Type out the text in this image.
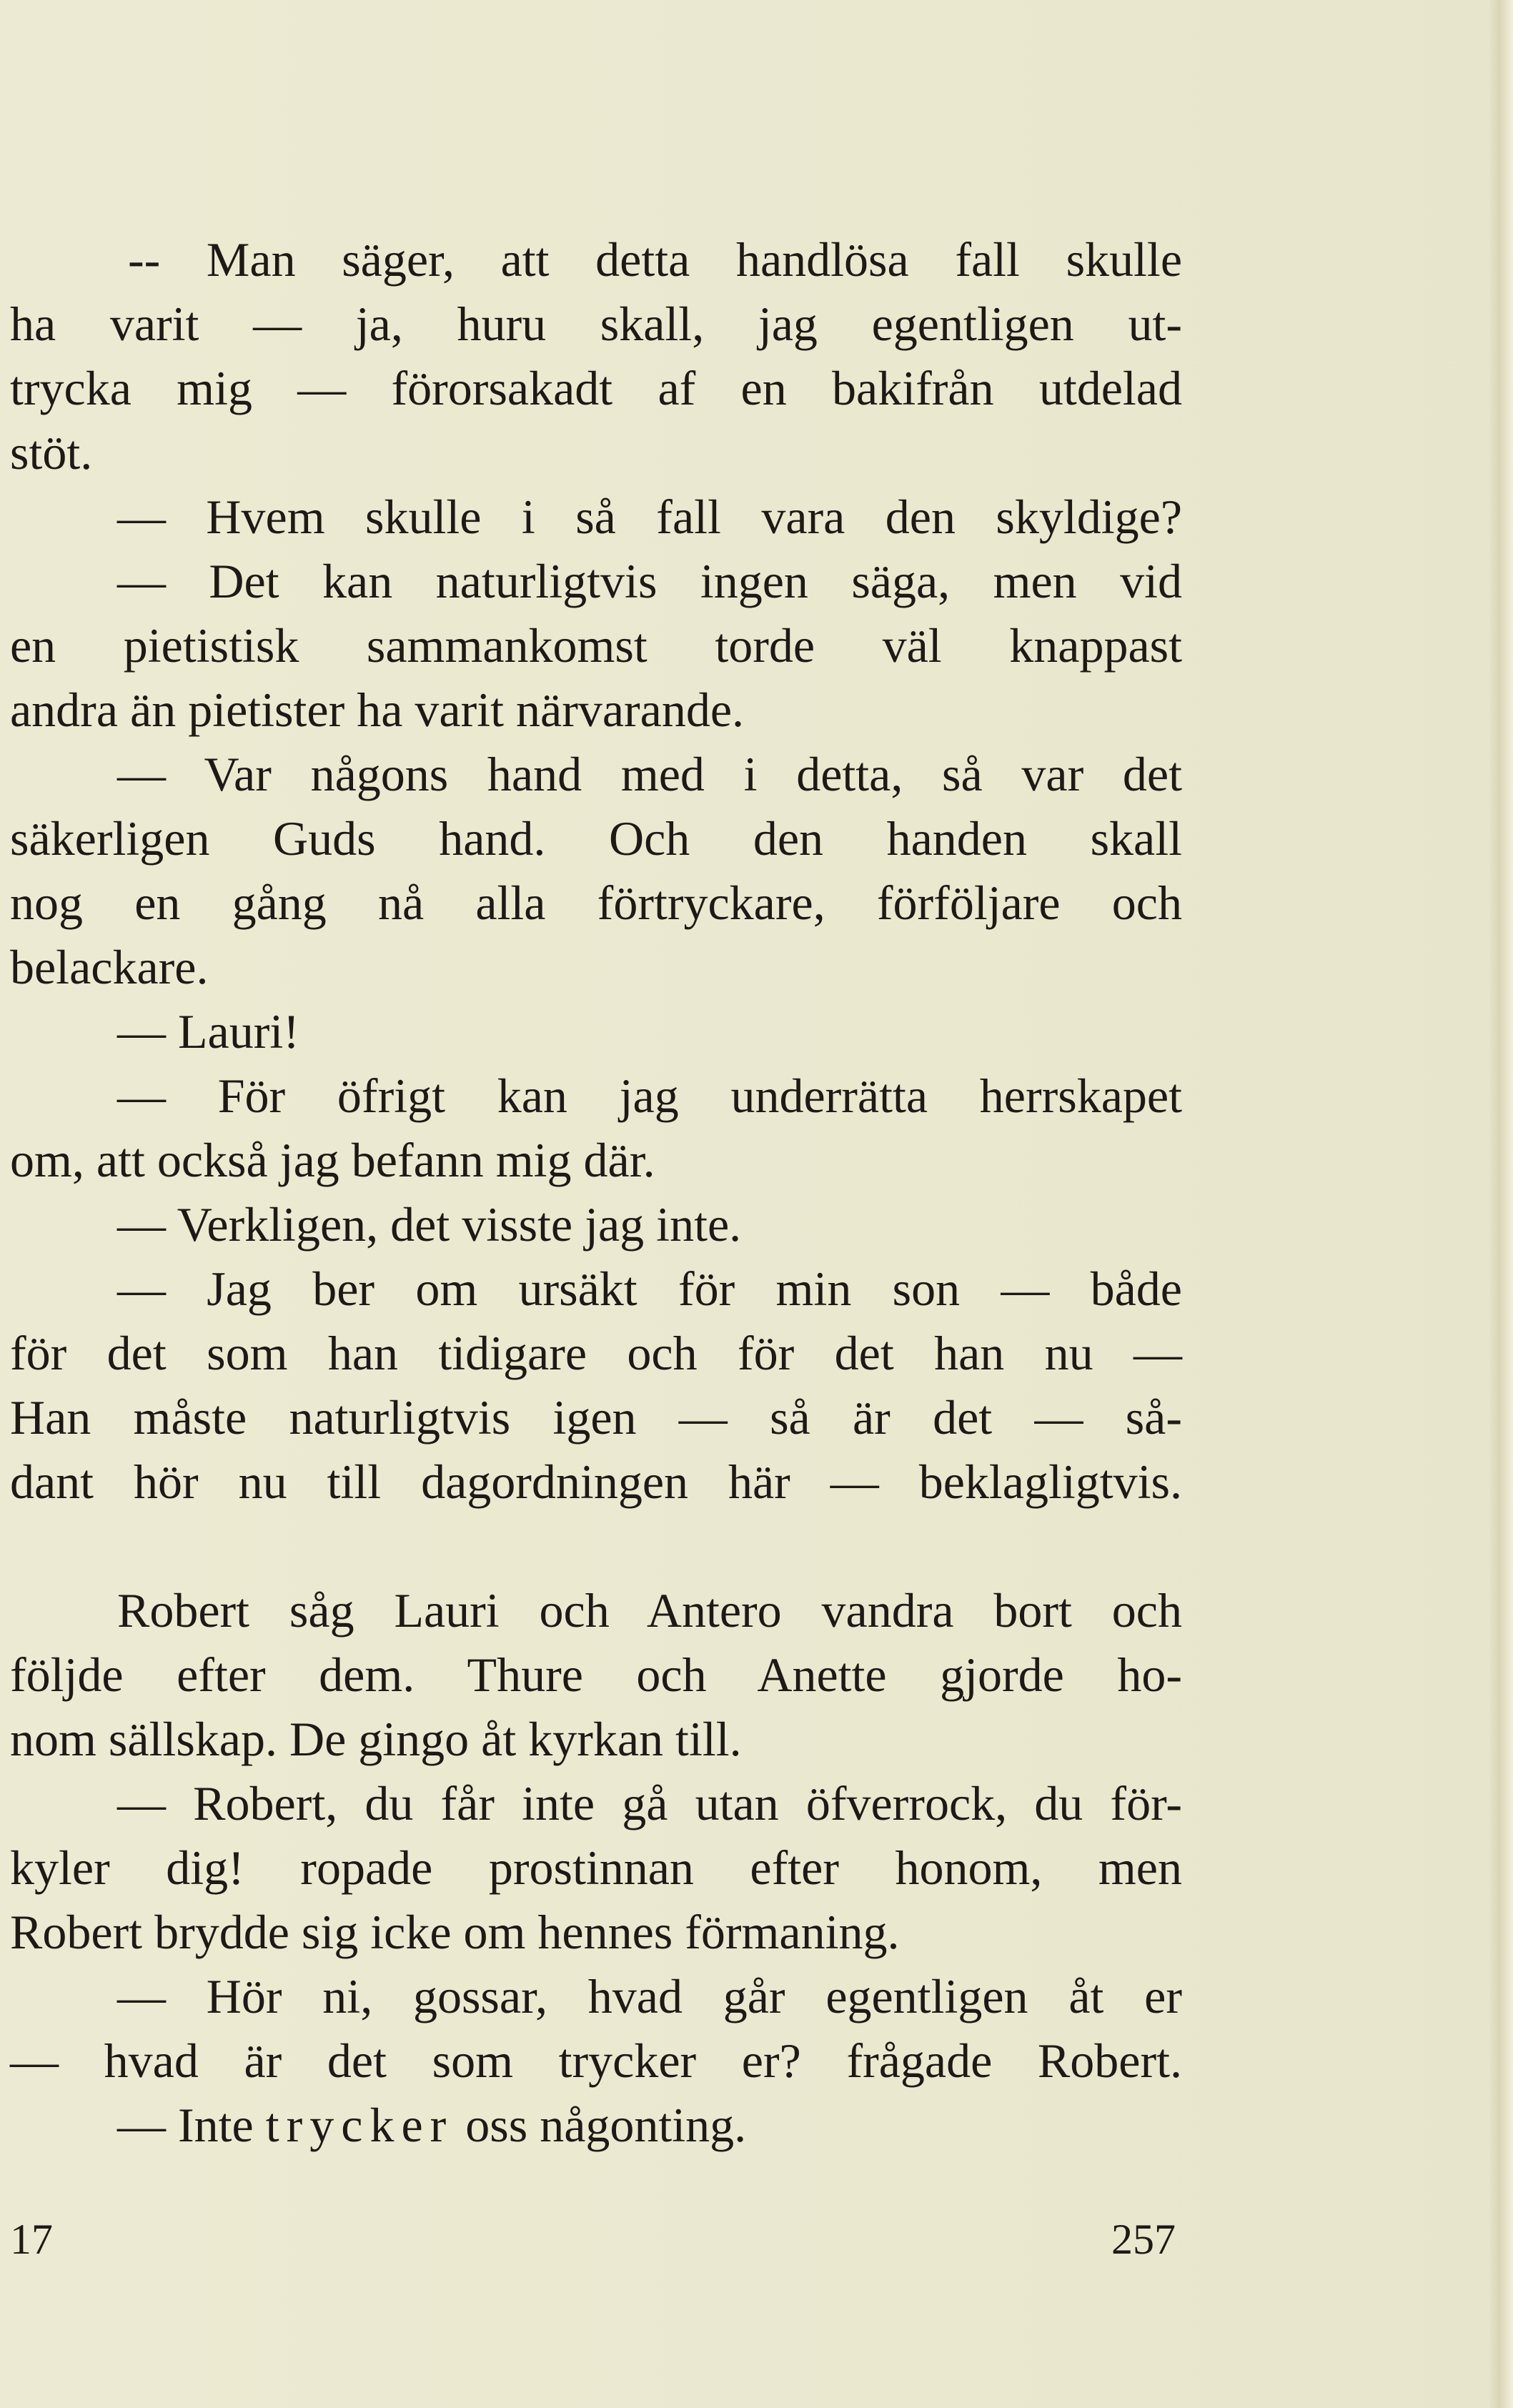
-- Man säger, att detta handlösa fall skulle
ha varit — ja, huru skall, jag egentligen ut-
trycka mig — förorsakadt af en bakifrån utdelad
stöt.
— Hvem skulle i så fall vara den skyldige?
— Det kan naturligtvis ingen säga, men vid
en pietistisk sammankomst torde väl knappast
andra än pietister ha varit närvarande.
— Var någons hand med i detta, så var det
säkerligen Guds hand. Och den handen skall
nog en gång nå alla förtryckare, förföljare och
belackare.
— Lauri!
— För öfrigt kan jag underrätta herrskapet
om, att också jag befann mig där.
— Verkligen, det visste jag inte.
— Jag ber om ursäkt för min son — både
för det som han tidigare och för det han nu —
Han måste naturligtvis igen — så är det — så-
dant hör nu till dagordningen här — beklagligtvis.
Robert såg Lauri och Antero vandra bort och
följde efter dem. Thure och Anette gjorde ho-
nom sällskap. De gingo åt kyrkan till.
— Robert, du får inte gå utan öfverrock, du för-
kyler dig! ropade prostinnan efter honom, men
Robert brydde sig icke om hennes förmaning.
— Hör ni, gossar, hvad går egentligen åt er
— hvad är det som trycker er? frågade Robert.
— Inte trycker oss någonting.
17	257
